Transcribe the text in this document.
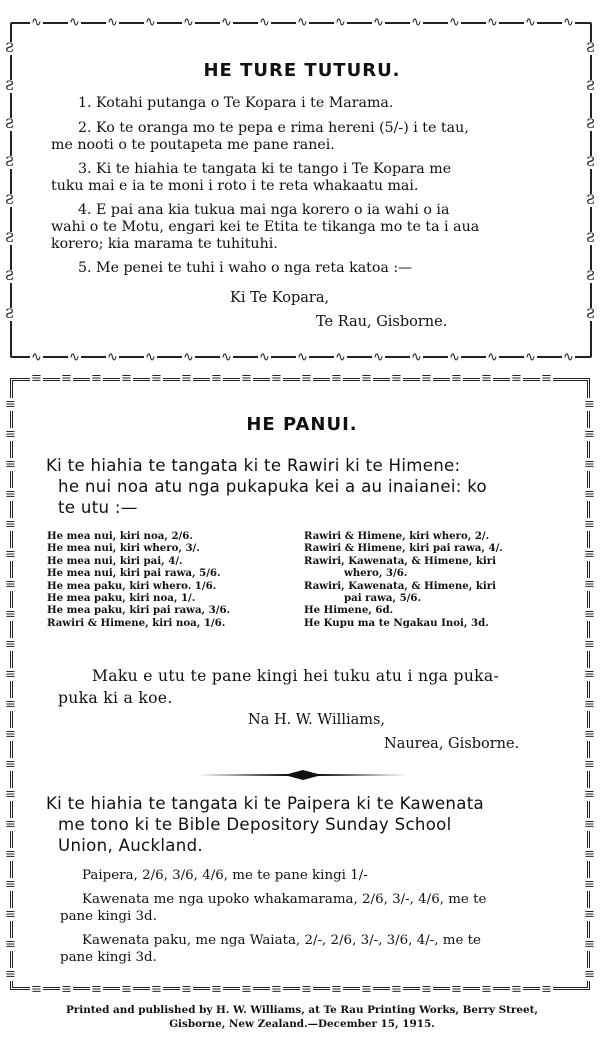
∿
∿
∿
∿
∿
∿
∿
∿
∿
∿
∿
∿
∿
∿
∿
∿
∿
∿
∿
∿
∿
∿
∿
∿
∿
∿
∿
∿
∿
∿
Ƨ	Ƨ
Ƨ	Ƨ
Ƨ	Ƨ
Ƨ	Ƨ
Ƨ	Ƨ
Ƨ	Ƨ
Ƨ	Ƨ
Ƨ	Ƨ
HE TURE TUTURU.

1. Kotahi putanga o Te Kopara i te Marama.

2. Ko te oranga mo te pepa e rima hereni (5/-) i te tau,

me nooti o te poutapeta me pane ranei.

3. Ki te hiahia te tangata ki te tango i Te Kopara me

tuku mai e ia te moni i roto i te reta whakaatu mai.

4. E pai ana kia tukua mai nga korero o ia wahi o ia

wahi o te Motu, engari kei te Etita te tikanga mo te ta i aua

korero; kia marama te tuhituhi.

5. Me penei te tuhi i waho o nga reta katoa :—

Ki Te Kopara,
Te Rau, Gisborne.
≡
≡
≡
≡
≡
≡
≡
≡
≡
≡
≡
≡
≡
≡
≡
≡
≡
≡
≡
≡
≡
≡
≡
≡
≡
≡
≡
≡
≡
≡
≡
≡
≡
≡
≡
≡
≡	≡
≡	≡
≡	≡
≡	≡
≡	≡
≡	≡
≡	≡
≡	≡
≡	≡
≡	≡
≡	≡
≡	≡
≡	≡
≡	≡
≡	≡
≡	≡
≡	≡
≡	≡
≡	≡
≡	≡
HE PANUI.
Ki te hiahia te tangata ki te Rawiri ki te Himene:
he nui noa atu nga pukapuka kei a au inaianei: ko
te utu :—
He mea nui, kiri noa, 2/6.
He mea nui, kiri whero, 3/.
He mea nui, kiri pai, 4/.
He mea nui, kiri pai rawa, 5/6.
He mea paku, kiri whero. 1/6.
He mea paku, kiri noa, 1/.
He mea paku, kiri pai rawa, 3/6.
Rawiri & Himene, kiri noa, 1/6.
Rawiri & Himene, kiri whero, 2/.
Rawiri & Himene, kiri pai rawa, 4/.
Rawiri, Kawenata, & Himene, kiri
whero, 3/6.
Rawiri, Kawenata, & Himene, kiri
pai rawa, 5/6.
He Himene, 6d.
He Kupu ma te Ngakau Inoi, 3d.
Maku e utu te pane kingi hei tuku atu i nga puka-
puka ki a koe.
Na H. W. Williams,
Naurea, Gisborne.
Ki te hiahia te tangata ki te Paipera ki te Kawenata
me tono ki te Bible Depository Sunday School
Union, Auckland.
Paipera, 2/6, 3/6, 4/6, me te pane kingi 1/-
Kawenata me nga upoko whakamarama, 2/6, 3/-, 4/6, me te
pane kingi 3d.
Kawenata paku, me nga Waiata, 2/-, 2/6, 3/-, 3/6, 4/-, me te
pane kingi 3d.
Printed and published by H. W. Williams, at Te Rau Printing Works, Berry Street,
Gisborne, New Zealand.—December 15, 1915.
